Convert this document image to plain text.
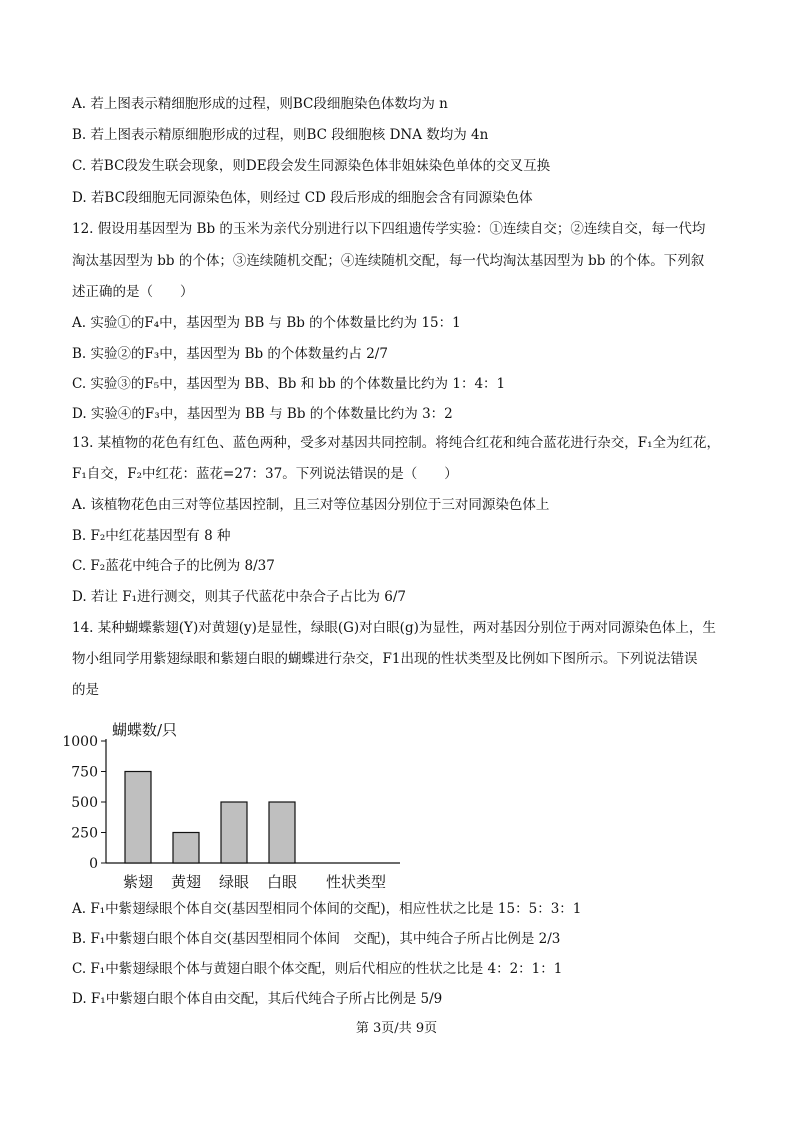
A. 若上图表示精细胞形成的过程，则BC段细胞染色体数均为 n
B. 若上图表示精原细胞形成的过程，则BC 段细胞核 DNA 数均为 4n
C. 若BC段发生联会现象，则DE段会发生同源染色体非姐妹染色单体的交叉互换
D. 若BC段细胞无同源染色体，则经过 CD 段后形成的细胞会含有同源染色体
12. 假设用基因型为 Bb 的玉米为亲代分别进行以下四组遗传学实验：①连续自交；②连续自交，每一代均
淘汰基因型为 bb 的个体；③连续随机交配；④连续随机交配，每一代均淘汰基因型为 bb 的个体。下列叙
述正确的是（　　）
A. 实验①的F₄中，基因型为 BB 与 Bb 的个体数量比约为 15：1
B. 实验②的F₃中，基因型为 Bb 的个体数量约占 2/7
C. 实验③的F₅中，基因型为 BB、Bb 和 bb 的个体数量比约为 1：4：1
D. 实验④的F₃中，基因型为 BB 与 Bb 的个体数量比约为 3：2
13. 某植物的花色有红色、蓝色两种，受多对基因共同控制。将纯合红花和纯合蓝花进行杂交，F₁全为红花，
F₁自交，F₂中红花：蓝花=27：37。下列说法错误的是（　　）
A. 该植物花色由三对等位基因控制，且三对等位基因分别位于三对同源染色体上
B. F₂中红花基因型有 8 种
C. F₂蓝花中纯合子的比例为 8/37
D. 若让 F₁进行测交，则其子代蓝花中杂合子占比为 6/7
14. 某种蝴蝶紫翅(Y)对黄翅(y)是显性，绿眼(G)对白眼(g)为显性，两对基因分别位于两对同源染色体上，生
物小组同学用紫翅绿眼和紫翅白眼的蝴蝶进行杂交，F1出现的性状类型及比例如下图所示。下列说法错误
的是
蝴蝶数/只
1000
750
500
250
0
紫翅 黄翅 绿眼 白眼 性状类型
A. F₁中紫翅绿眼个体自交(基因型相同个体间的交配)，相应性状之比是 15：5：3：1
B. F₁中紫翅白眼个体自交(基因型相同个体间　交配)，其中纯合子所占比例是 2/3
C. F₁中紫翅绿眼个体与黄翅白眼个体交配，则后代相应的性状之比是 4：2：1：1
D. F₁中紫翅白眼个体自由交配，其后代纯合子所占比例是 5/9
第 3页/共 9页
